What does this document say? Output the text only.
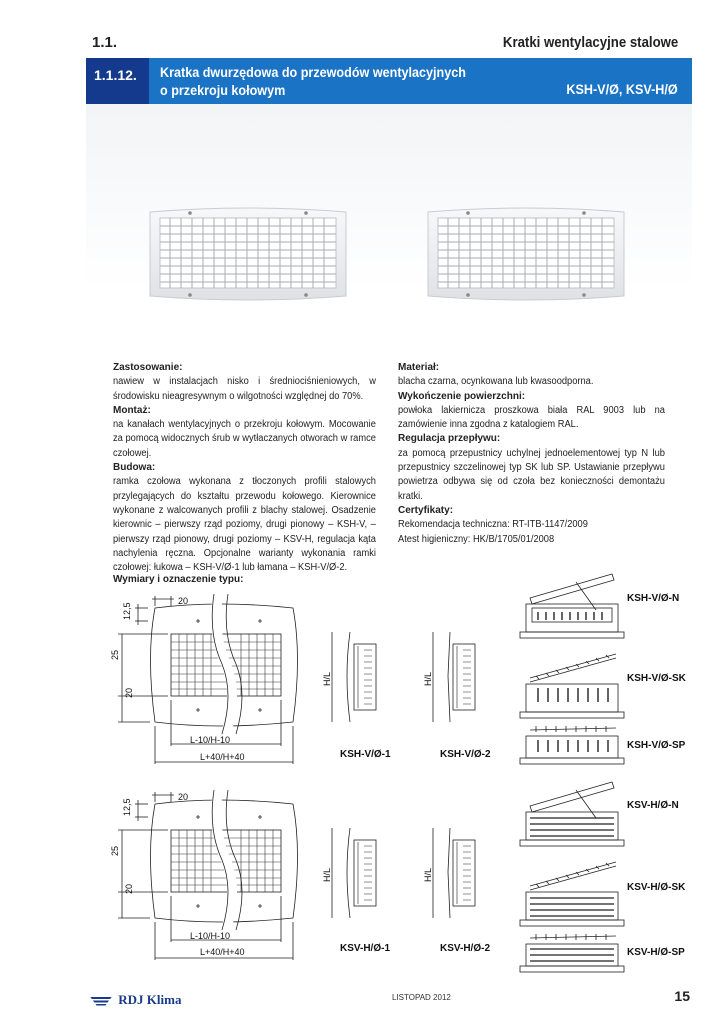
1.1.	Kratki wentylacyjne stalowe
1.1.12.	Kratka dwurzędowa do przewodów wentylacyjnych
o przekroju kołowym	KSH-V/Ø, KSV-H/Ø
Zastosowanie:

nawiew w instalacjach nisko i średniociśnieniowych, w środowisku nieagresywnym o wilgotności względnej do 70%.

Montaż:

na kanałach wentylacyjnych o przekroju kołowym. Mocowanie za pomocą widocznych śrub w wytłaczanych otworach w ramce czołowej.

Budowa:

ramka czołowa wykonana z tłoczonych profili stalowych przylegających do kształtu przewodu kołowego. Kierownice wykonane z walcowanych profili z blachy stalowej. Osadzenie kierownic – pierwszy rząd poziomy, drugi pionowy – KSH-V, – pierwszy rząd pionowy, drugi poziomy – KSV-H, regulacja kąta nachylenia ręczna. Opcjonalne warianty wykonania ramki czołowej: łukowa – KSH-V/Ø-1 lub łamana – KSH-V/Ø-2.

Materiał:

blacha czarna, ocynkowana lub kwasoodporna.

Wykończenie powierzchni:

powłoka lakiernicza proszkowa biała RAL 9003 lub na zamówienie inna zgodna z katalogiem RAL.

Regulacja przepływu:

za pomocą przepustnicy uchylnej jednoelementowej typ N lub przepustnicy szczelinowej typ SK lub SP. Ustawianie przepływu powietrza odbywa się od czoła bez konieczności demontażu kratki.

Certyfikaty:

Rekomendacja techniczna: RT-ITB-1147/2009

Atest higieniczny: HK/B/1705/01/2008

Wymiary i oznaczenie typu:
20
12,5
25
20
L-10/H-10
L+40/H+40
H/L	H/L
KSH-V/Ø-1	KSH-V/Ø-2
KSH-V/Ø-N
KSH-V/Ø-SK
KSH-V/Ø-SP
20
12,5
25
20
L-10/H-10
L+40/H+40
H/L	H/L
KSV-H/Ø-1	KSV-H/Ø-2
KSV-H/Ø-N
KSV-H/Ø-SK
KSV-H/Ø-SP
RDJ Klima	LISTOPAD 2012	15
